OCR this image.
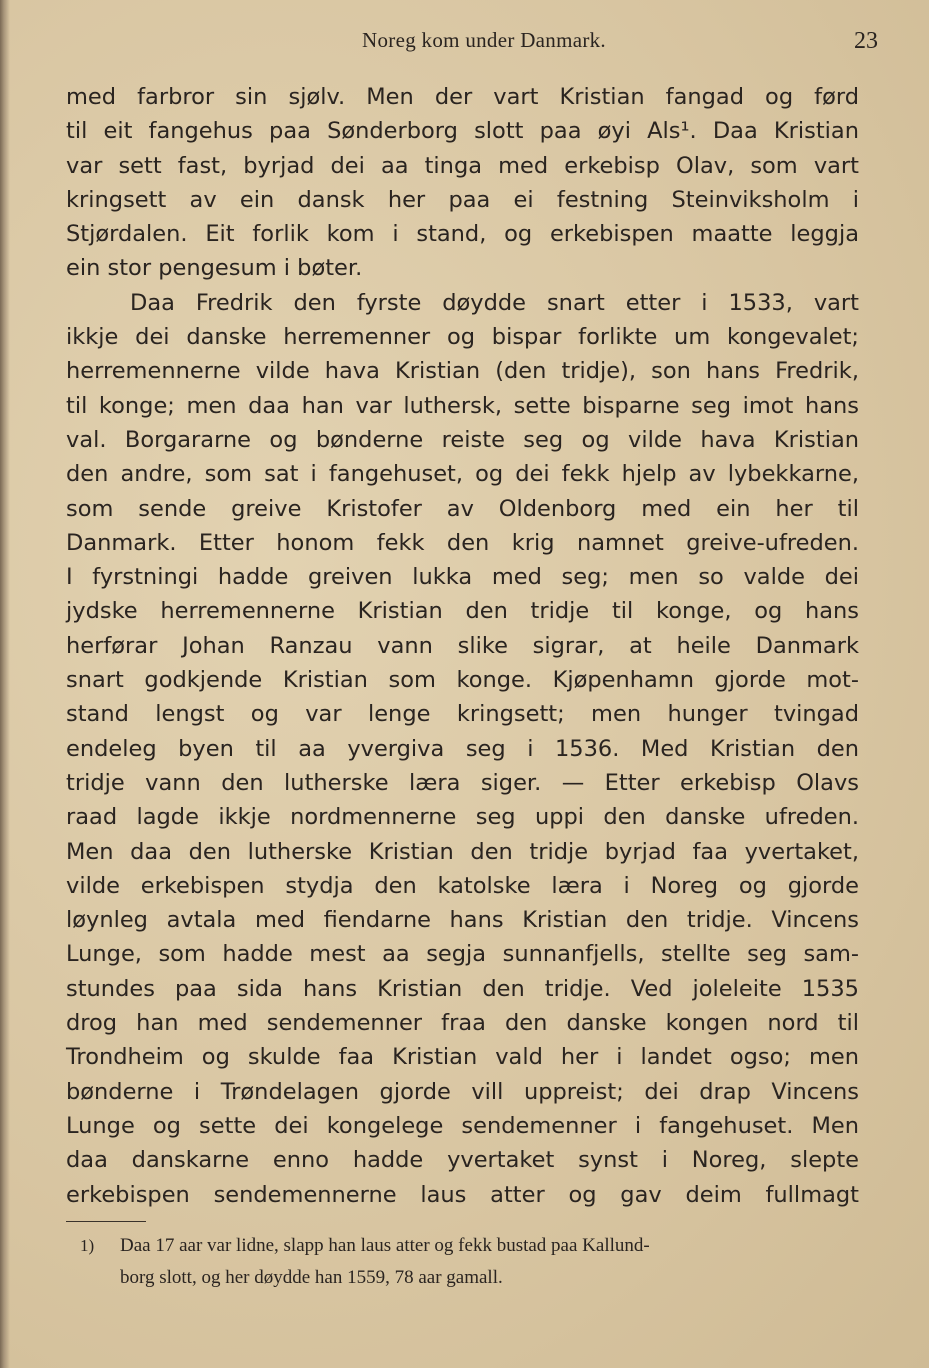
Noreg kom under Danmark.	23
med farbror sin sjølv. Men der vart Kristian fangad og førd
til eit fangehus paa Sønderborg slott paa øyi Als¹. Daa Kristian
var sett fast, byrjad dei aa tinga med erkebisp Olav, som vart
kringsett av ein dansk her paa ei festning Steinviksholm i
Stjørdalen. Eit forlik kom i stand, og erkebispen maatte leggja
ein stor pengesum i bøter.
Daa Fredrik den fyrste døydde snart etter i 1533, vart
ikkje dei danske herremenner og bispar forlikte um kongevalet;
herremennerne vilde hava Kristian (den tridje), son hans Fredrik,
til konge; men daa han var luthersk, sette bisparne seg imot hans
val. Borgararne og bønderne reiste seg og vilde hava Kristian
den andre, som sat i fangehuset, og dei fekk hjelp av lybekkarne,
som sende greive Kristofer av Oldenborg med ein her til
Danmark. Etter honom fekk den krig namnet greive-ufreden.
I fyrstningi hadde greiven lukka med seg; men so valde dei
jydske herremennerne Kristian den tridje til konge, og hans
herførar Johan Ranzau vann slike sigrar, at heile Danmark
snart godkjende Kristian som konge. Kjøpenhamn gjorde mot-
stand lengst og var lenge kringsett; men hunger tvingad
endeleg byen til aa yvergiva seg i 1536. Med Kristian den
tridje vann den lutherske læra siger. — Etter erkebisp Olavs
raad lagde ikkje nordmennerne seg uppi den danske ufreden.
Men daa den lutherske Kristian den tridje byrjad faa yvertaket,
vilde erkebispen stydja den katolske læra i Noreg og gjorde
løynleg avtala med fiendarne hans Kristian den tridje. Vincens
Lunge, som hadde mest aa segja sunnanfjells, stellte seg sam-
stundes paa sida hans Kristian den tridje. Ved joleleite 1535
drog han med sendemenner fraa den danske kongen nord til
Trondheim og skulde faa Kristian vald her i landet ogso; men
bønderne i Trøndelagen gjorde vill uppreist; dei drap Vincens
Lunge og sette dei kongelege sendemenner i fangehuset. Men
daa danskarne enno hadde yvertaket synst i Noreg, slepte
erkebispen sendemennerne laus atter og gav deim fullmagt
1) Daa 17 aar var lidne, slapp han laus atter og fekk bustad paa Kallund-
borg slott, og her døydde han 1559, 78 aar gamall.
